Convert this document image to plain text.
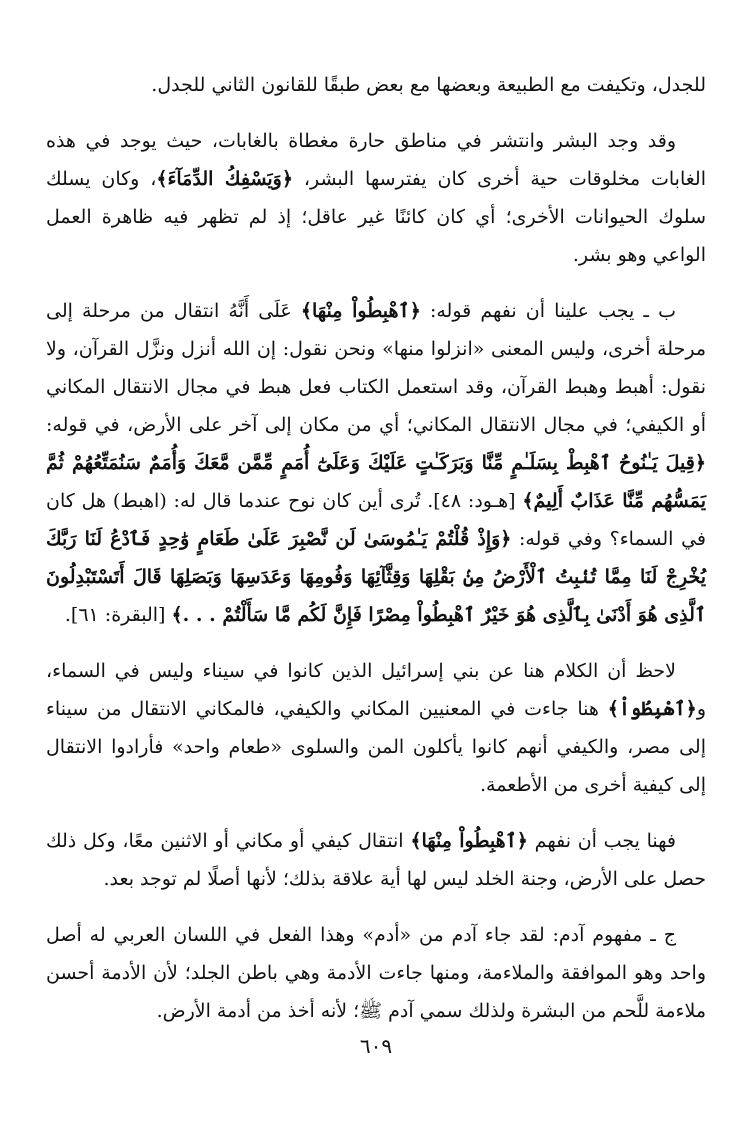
للجدل، وتكيفت مع الطبيعة وبعضها مع بعض طبقًا للقانون الثاني للجدل.

وقد وجد البشر وانتشر في مناطق حارة مغطاة بالغابات، حيث يوجد في هذه الغابات مخلوقات حية أخرى كان يفترسها البشر، ﴿وَيَسْفِكُ الدِّمَآءَ﴾، وكان يسلك سلوك الحيوانات الأخرى؛ أي كان كائنًا غير عاقل؛ إذ لم تظهر فيه ظاهرة العمل الواعي وهو بشر.

ب ـ يجب علينا أن نفهم قوله: ﴿ٱهْبِطُواْ مِنْهَا﴾ عَلَى أَنَّهُ انتقال من مرحلة إلى مرحلة أخرى، وليس المعنى «انزلوا منها» ونحن نقول: إن الله أنزل ونزَّل القرآن، ولا نقول: أهبط وهبط القرآن، وقد استعمل الكتاب فعل هبط في مجال الانتقال المكاني أو الكيفي؛ في مجال الانتقال المكاني؛ أي من مكان إلى آخر على الأرض، في قوله: ﴿قِيلَ يَـٰنُوحُ ٱهْبِطْ بِسَلَـٰمٍ مِّنَّا وَبَرَكَـٰتٍ عَلَيْكَ وَعَلَىٰٓ أُمَمٍ مِّمَّن مَّعَكَ وَأُمَمٌ سَنُمَتِّعُهُمْ ثُمَّ يَمَسُّهُم مِّنَّا عَذَابٌ أَلِيمٌ﴾ [هـود: ٤٨]. تُرى أين كان نوح عندما قال له: (اهبط) هل كان في السماء؟ وفي قوله: ﴿وَإِذْ قُلْتُمْ يَـٰمُوسَىٰ لَن نَّصْبِرَ عَلَىٰ طَعَامٍ وَٰحِدٍ فَٱدْعُ لَنَا رَبَّكَ يُخْرِجْ لَنَا مِمَّا تُنۢبِتُ ٱلْأَرْضُ مِنۢ بَقْلِهَا وَقِثَّآئِهَا وَفُومِهَا وَعَدَسِهَا وَبَصَلِهَا قَالَ أَتَسْتَبْدِلُونَ ٱلَّذِى هُوَ أَدْنَىٰ بِٱلَّذِى هُوَ خَيْرٌ ٱهْبِطُواْ مِصْرًا فَإِنَّ لَكُم مَّا سَأَلْتُمْ . . .﴾ [البقرة: ٦١].

لاحظ أن الكلام هنا عن بني إسرائيل الذين كانوا في سيناء وليس في السماء، و﴿ٱهْبِطُواْ﴾ هنا جاءت في المعنيين المكاني والكيفي، فالمكاني الانتقال من سيناء إلى مصر، والكيفي أنهم كانوا يأكلون المن والسلوى «طعام واحد» فأرادوا الانتقال إلى كيفية أخرى من الأطعمة.

فهنا يجب أن نفهم ﴿ٱهْبِطُواْ مِنْهَا﴾ انتقال كيفي أو مكاني أو الاثنين معًا، وكل ذلك حصل على الأرض، وجنة الخلد ليس لها أية علاقة بذلك؛ لأنها أصلًا لم توجد بعد.

ج ـ مفهوم آدم: لقد جاء آدم من «أدم» وهذا الفعل في اللسان العربي له أصل واحد وهو الموافقة والملاءمة، ومنها جاءت الأدمة وهي باطن الجلد؛ لأن الأدمة أحسن ملاءمة للَّحم من البشرة ولذلك سمي آدم ﷺ؛ لأنه أخذ من أدمة الأرض.

٦٠٩
